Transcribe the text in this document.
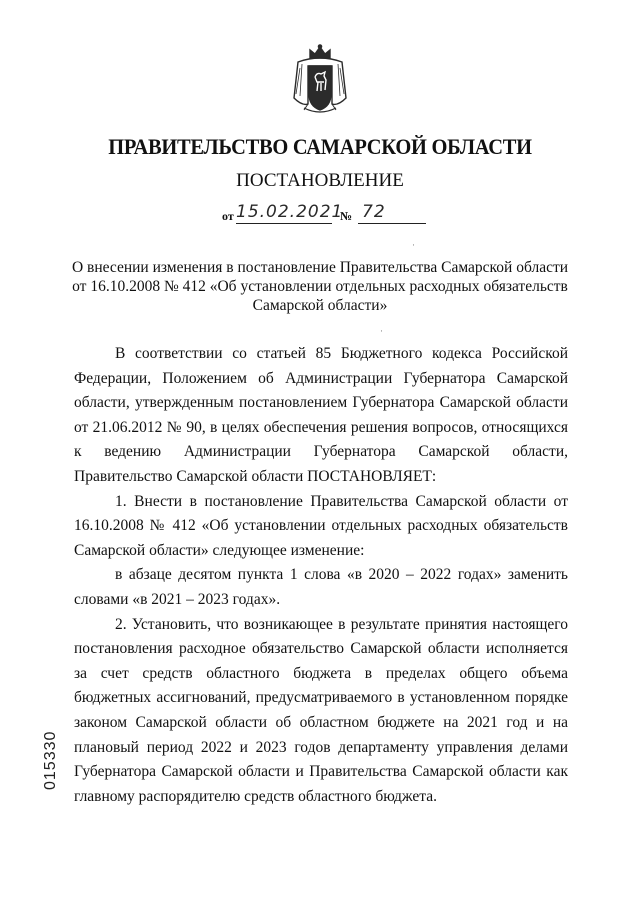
ПРАВИТЕЛЬСТВО САМАРСКОЙ ОБЛАСТИ
ПОСТАНОВЛЕНИЕ
от 15.02.2021
№ 72
О внесении изменения в постановление Правительства Самарской области
от 16.10.2008 № 412 «Об установлении отдельных расходных обязательств
Самарской области»

В соответствии со статьей 85 Бюджетного кодекса Российской Федерации, Положением об Администрации Губернатора Самарской области, утвержденным постановлением Губернатора Самарской области от 21.06.2012 № 90, в целях обеспечения решения вопросов, относящихся к ведению Администрации Губернатора Самарской области, Правительство Самарской области ПОСТАНОВЛЯЕТ:

1. Внести в постановление Правительства Самарской области от 16.10.2008 № 412 «Об установлении отдельных расходных обязательств Самарской области» следующее изменение:

в абзаце десятом пункта 1 слова «в 2020 – 2022 годах» заменить словами «в 2021 – 2023 годах».

2. Установить, что возникающее в результате принятия настоящего постановления расходное обязательство Самарской области исполняется за счет средств областного бюджета в пределах общего объема бюджетных ассигнований, предусматриваемого в установленном порядке законом Самарской области об областном бюджете на 2021 год и на плановый период 2022 и 2023 годов департаменту управления делами Губернатора Самарской области и Правительства Самарской области как главному распорядителю средств областного бюджета.

015330
·
·
